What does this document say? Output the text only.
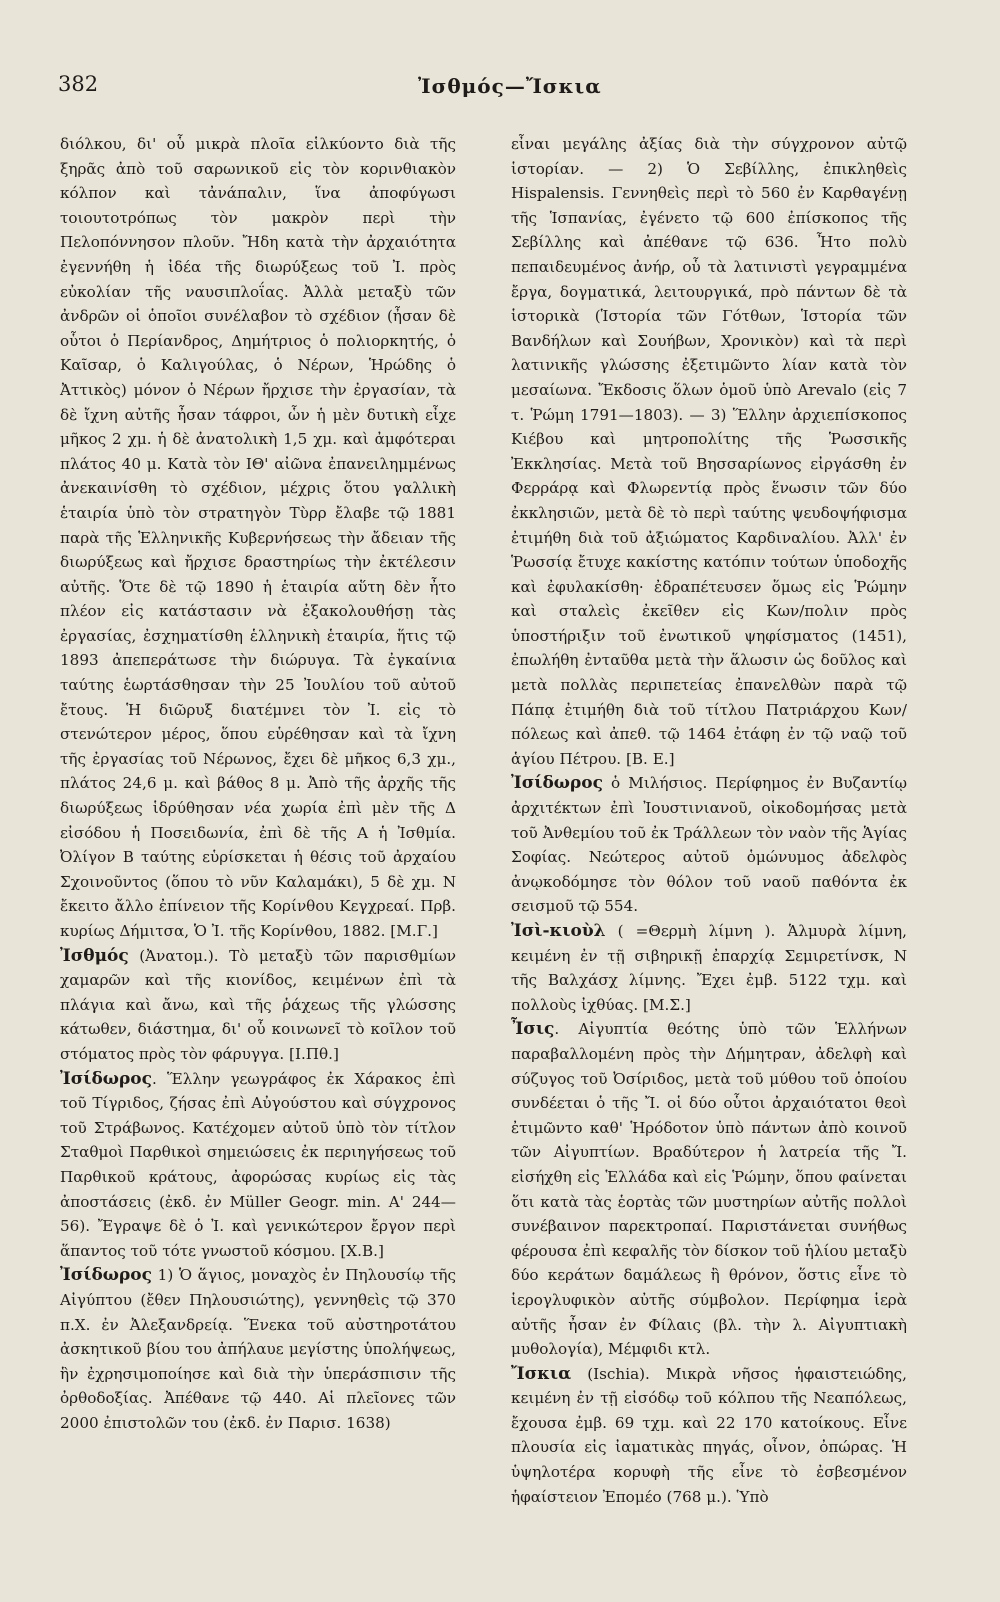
382	Ἰσθμός—Ἴσκια

διόλκου, δι' οὗ μικρὰ πλοῖα εἱλκύοντο διὰ τῆς ξηρᾶς ἀπὸ τοῦ σαρωνικοῦ εἰς τὸν κορινθιακὸν κόλπον καὶ τἀνάπαλιν, ἵνα ἀποφύγωσι τοιουτοτρόπως τὸν μακρὸν περὶ τὴν Πελοπόννησον πλοῦν. Ἤδη κατὰ τὴν ἀρχαιότητα ἐγεννήθη ἡ ἰδέα τῆς διωρύξεως τοῦ Ἰ. πρὸς εὐκολίαν τῆς ναυσιπλοΐας. Ἀλλὰ μεταξὺ τῶν ἀνδρῶν οἱ ὁποῖοι συνέλαβον τὸ σχέδιον (ἦσαν δὲ οὗτοι ὁ Περίανδρος, Δημήτριος ὁ πολιορκητής, ὁ Καῖσαρ, ὁ Καλιγούλας, ὁ Νέρων, Ἡρώδης ὁ Ἀττικὸς) μόνον ὁ Νέρων ἤρχισε τὴν ἐργασίαν, τὰ δὲ ἴχνη αὐτῆς ἦσαν τάφροι, ὧν ἡ μὲν δυτικὴ εἶχε μῆκος 2 χμ. ἡ δὲ ἀνατολικὴ 1,5 χμ. καὶ ἀμφότεραι πλάτος 40 μ. Κατὰ τὸν ΙΘ' αἰῶνα ἐπανειλημμένως ἀνεκαινίσθη τὸ σχέδιον, μέχρις ὅτου γαλλικὴ ἑταιρία ὑπὸ τὸν στρατηγὸν Τὺρρ ἔλαβε τῷ 1881 παρὰ τῆς Ἑλληνικῆς Κυβερνήσεως τὴν ἄδειαν τῆς διωρύξεως καὶ ἤρχισε δραστηρίως τὴν ἐκτέλεσιν αὐτῆς. Ὅτε δὲ τῷ 1890 ἡ ἑταιρία αὕτη δὲν ἦτο πλέον εἰς κατάστασιν νὰ ἐξακολουθήσῃ τὰς ἐργασίας, ἐσχηματίσθη ἑλληνικὴ ἑταιρία, ἥτις τῷ 1893 ἀπεπεράτωσε τὴν διώρυγα. Τὰ ἐγκαίνια ταύτης ἑωρτάσθησαν τὴν 25 Ἰουλίου τοῦ αὐτοῦ ἔτους. Ἡ διῶρυξ διατέμνει τὸν Ἰ. εἰς τὸ στενώτερον μέρος, ὅπου εὑρέθησαν καὶ τὰ ἴχνη τῆς ἐργασίας τοῦ Νέρωνος, ἔχει δὲ μῆκος 6,3 χμ., πλάτος 24,6 μ. καὶ βάθος 8 μ. Ἀπὸ τῆς ἀρχῆς τῆς διωρύξεως ἱδρύθησαν νέα χωρία ἐπὶ μὲν τῆς Δ εἰσόδου ἡ Ποσειδωνία, ἐπὶ δὲ τῆς Α ἡ Ἰσθμία. Ὀλίγον Β ταύτης εὑρίσκεται ἡ θέσις τοῦ ἀρχαίου Σχοινοῦντος (ὅπου τὸ νῦν Καλαμάκι), 5 δὲ χμ. Ν ἔκειτο ἄλλο ἐπίνειον τῆς Κορίνθου Κεγχρεαί. Πρβ. κυρίως Δήμιτσα, Ὁ Ἰ. τῆς Κορίνθου, 1882. [Μ.Γ.]

Ἰσθμός (Ἀνατομ.). Τὸ μεταξὺ τῶν παρισθμίων χαμαρῶν καὶ τῆς κιονίδος, κειμένων ἐπὶ τὰ πλάγια καὶ ἄνω, καὶ τῆς ῥάχεως τῆς γλώσσης κάτωθεν, διάστημα, δι' οὗ κοινωνεῖ τὸ κοῖλον τοῦ στόματος πρὸς τὸν φάρυγγα. [Ι.Πθ.]

Ἰσίδωρος. Ἕλλην γεωγράφος ἐκ Χάρακος ἐπὶ τοῦ Τίγριδος, ζήσας ἐπὶ Αὐγούστου καὶ σύγχρονος τοῦ Στράβωνος. Κατέχομεν αὐτοῦ ὑπὸ τὸν τίτλον Σταθμοὶ Παρθικοὶ σημειώσεις ἐκ περιηγήσεως τοῦ Παρθικοῦ κράτους, ἀφορώσας κυρίως εἰς τὰς ἀποστάσεις (ἐκδ. ἐν Müller Geogr. min. Α' 244—56). Ἔγραψε δὲ ὁ Ἰ. καὶ γενικώτερον ἔργον περὶ ἅπαντος τοῦ τότε γνωστοῦ κόσμου. [Χ.Β.]

Ἰσίδωρος 1) Ὁ ἅγιος, μοναχὸς ἐν Πηλουσίῳ τῆς Αἰγύπτου (ἔθεν Πηλουσιώτης), γεννηθεὶς τῷ 370 π.Χ. ἐν Ἀλεξανδρείᾳ. Ἕνεκα τοῦ αὐστηροτάτου ἀσκητικοῦ βίου του ἀπήλαυε μεγίστης ὑπολήψεως, ἣν ἐχρησιμοποίησε καὶ διὰ τὴν ὑπεράσπισιν τῆς ὀρθοδοξίας. Ἀπέθανε τῷ 440. Αἱ πλεῖονες τῶν 2000 ἐπιστολῶν του (ἐκδ. ἐν Παρισ. 1638)

εἶναι μεγάλης ἀξίας διὰ τὴν σύγχρονον αὐτῷ ἱστορίαν. — 2) Ὁ Σεβίλλης, ἐπικληθεὶς Hispalensis. Γεννηθεὶς περὶ τὸ 560 ἐν Καρθαγένῃ τῆς Ἱσπανίας, ἐγένετο τῷ 600 ἐπίσκοπος τῆς Σεβίλλης καὶ ἀπέθανε τῷ 636. Ἦτο πολὺ πεπαιδευμένος ἀνήρ, οὗ τὰ λατινιστὶ γεγραμμένα ἔργα, δογματικά, λειτουργικά, πρὸ πάντων δὲ τὰ ἱστορικὰ (Ἱστορία τῶν Γότθων, Ἱστορία τῶν Βανδήλων καὶ Σουήβων, Χρονικὸν) καὶ τὰ περὶ λατινικῆς γλώσσης ἐξετιμῶντο λίαν κατὰ τὸν μεσαίωνα. Ἔκδοσις ὅλων ὁμοῦ ὑπὸ Arevalo (εἰς 7 τ. Ῥώμη 1791—1803). — 3) Ἕλλην ἀρχιεπίσκοπος Κιέβου καὶ μητροπολίτης τῆς Ῥωσσικῆς Ἐκκλησίας. Μετὰ τοῦ Βησσαρίωνος εἰργάσθη ἐν Φερράρᾳ καὶ Φλωρεντίᾳ πρὸς ἕνωσιν τῶν δύο ἐκκλησιῶν, μετὰ δὲ τὸ περὶ ταύτης ψευδοψήφισμα ἐτιμήθη διὰ τοῦ ἀξιώματος Καρδιναλίου. Ἀλλ' ἐν Ῥωσσίᾳ ἔτυχε κακίστης κατόπιν τούτων ὑποδοχῆς καὶ ἐφυλακίσθη· ἐδραπέτευσεν ὅμως εἰς Ῥώμην καὶ σταλεὶς ἐκεῖθεν εἰς Κων/πολιν πρὸς ὑποστήριξιν τοῦ ἐνωτικοῦ ψηφίσματος (1451), ἐπωλήθη ἐνταῦθα μετὰ τὴν ἅλωσιν ὡς δοῦλος καὶ μετὰ πολλὰς περιπετείας ἐπανελθὼν παρὰ τῷ Πάπᾳ ἐτιμήθη διὰ τοῦ τίτλου Πατριάρχου Κων/πόλεως καὶ ἀπεθ. τῷ 1464 ἐτάφη ἐν τῷ ναῷ τοῦ ἁγίου Πέτρου. [Β. Ε.]

Ἰσίδωρος ὁ Μιλήσιος. Περίφημος ἐν Βυζαντίῳ ἀρχιτέκτων ἐπὶ Ἰουστινιανοῦ, οἰκοδομήσας μετὰ τοῦ Ἀνθεμίου τοῦ ἐκ Τράλλεων τὸν ναὸν τῆς Ἁγίας Σοφίας. Νεώτερος αὐτοῦ ὁμώνυμος ἀδελφὸς ἀνῳκοδόμησε τὸν θόλον τοῦ ναοῦ παθόντα ἐκ σεισμοῦ τῷ 554.

Ἰσὶ-κιοὺλ ( =Θερμὴ λίμνη ). Ἁλμυρὰ λίμνη, κειμένη ἐν τῇ σιβηρικῇ ἐπαρχίᾳ Σεμιρετίνσκ, Ν τῆς Βαλχάσχ λίμνης. Ἔχει ἐμβ. 5122 τχμ. καὶ πολλοὺς ἰχθύας. [Μ.Σ.]

Ἶσις. Αἰγυπτία θεότης ὑπὸ τῶν Ἑλλήνων παραβαλλομένη πρὸς τὴν Δήμητραν, ἀδελφὴ καὶ σύζυγος τοῦ Ὀσίριδος, μετὰ τοῦ μύθου τοῦ ὁποίου συνδέεται ὁ τῆς Ἴ. οἱ δύο οὗτοι ἀρχαιότατοι θεοὶ ἐτιμῶντο καθ' Ἡρόδοτον ὑπὸ πάντων ἀπὸ κοινοῦ τῶν Αἰγυπτίων. Βραδύτερον ἡ λατρεία τῆς Ἴ. εἰσήχθη εἰς Ἑλλάδα καὶ εἰς Ῥώμην, ὅπου φαίνεται ὅτι κατὰ τὰς ἑορτὰς τῶν μυστηρίων αὐτῆς πολλοὶ συνέβαινον παρεκτροπαί. Παριστάνεται συνήθως φέρουσα ἐπὶ κεφαλῆς τὸν δίσκον τοῦ ἡλίου μεταξὺ δύο κεράτων δαμάλεως ἢ θρόνον, ὅστις εἶνε τὸ ἱερογλυφικὸν αὐτῆς σύμβολον. Περίφημα ἱερὰ αὐτῆς ἦσαν ἐν Φίλαις (βλ. τὴν λ. Αἰγυπτιακὴ μυθολογία), Μέμφιδι κτλ.

Ἴσκια (Ischia). Μικρὰ νῆσος ἡφαιστειώδης, κειμένη ἐν τῇ εἰσόδῳ τοῦ κόλπου τῆς Νεαπόλεως, ἔχουσα ἐμβ. 69 τχμ. καὶ 22 170 κατοίκους. Εἶνε πλουσία εἰς ἰαματικὰς πηγάς, οἶνον, ὀπώρας. Ἡ ὑψηλοτέρα κορυφὴ τῆς εἶνε τὸ ἐσβεσμένον ἡφαίστειον Ἐπομέο (768 μ.). Ὑπὸ
